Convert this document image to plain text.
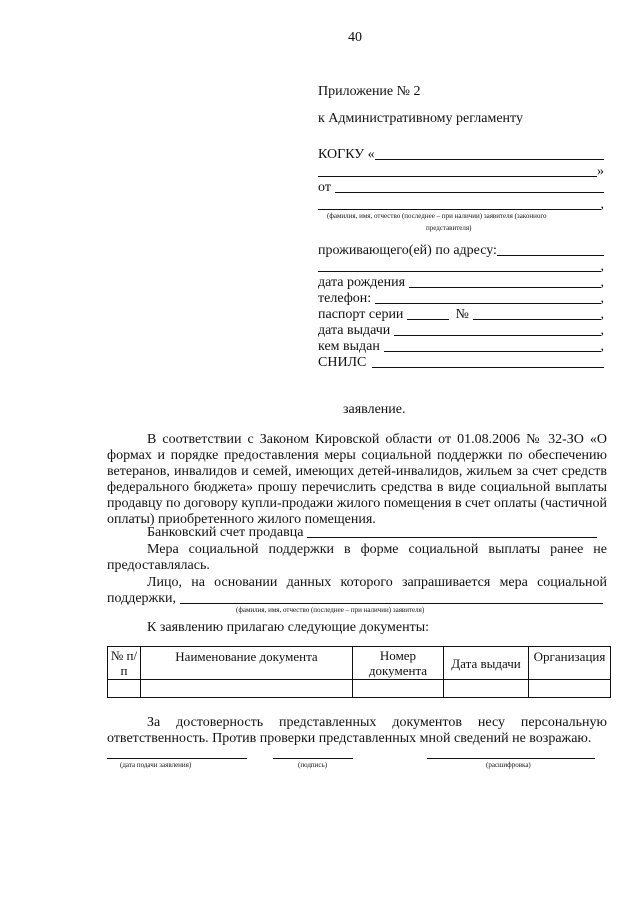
40
Приложение № 2
к Административному регламенту
КОГКУ «
»
от
,
(фамилия, имя, отчество (последнее – при наличии) заявителя (законного
представителя)
проживающего(ей) по адресу:
,
дата рождения	,
телефон:	,
паспорт серии	№	,
дата выдачи	,
кем выдан	,
СНИЛС
заявление.
В соответствии с Законом Кировской области от 01.08.2006 № 32-ЗО «О формах и порядке предоставления меры социальной поддержки по обеспечению ветеранов, инвалидов и семей, имеющих детей-инвалидов, жильем за счет средств федерального бюджета» прошу перечислить средства в виде социальной выплаты продавцу по договору купли-продажи жилого помещения в счет оплаты (частичной оплаты) приобретенного жилого помещения.
Банковский счет продавца
Мера социальной поддержки в форме социальной выплаты ранее не предоставлялась.
Лицо, на основании данных которого запрашивается мера социальной
поддержки,
(фамилия, имя, отчество (последнее – при наличии) заявителя)
К заявлению прилагаю следующие документы:
№ п/п	Наименование документа	Номер документа	Дата выдачи	Организация

За достоверность представленных документов несу персональную ответственность. Против проверки представленных мной сведений не возражаю.
(дата подачи заявления)	(подпись)	(расшифровка)
